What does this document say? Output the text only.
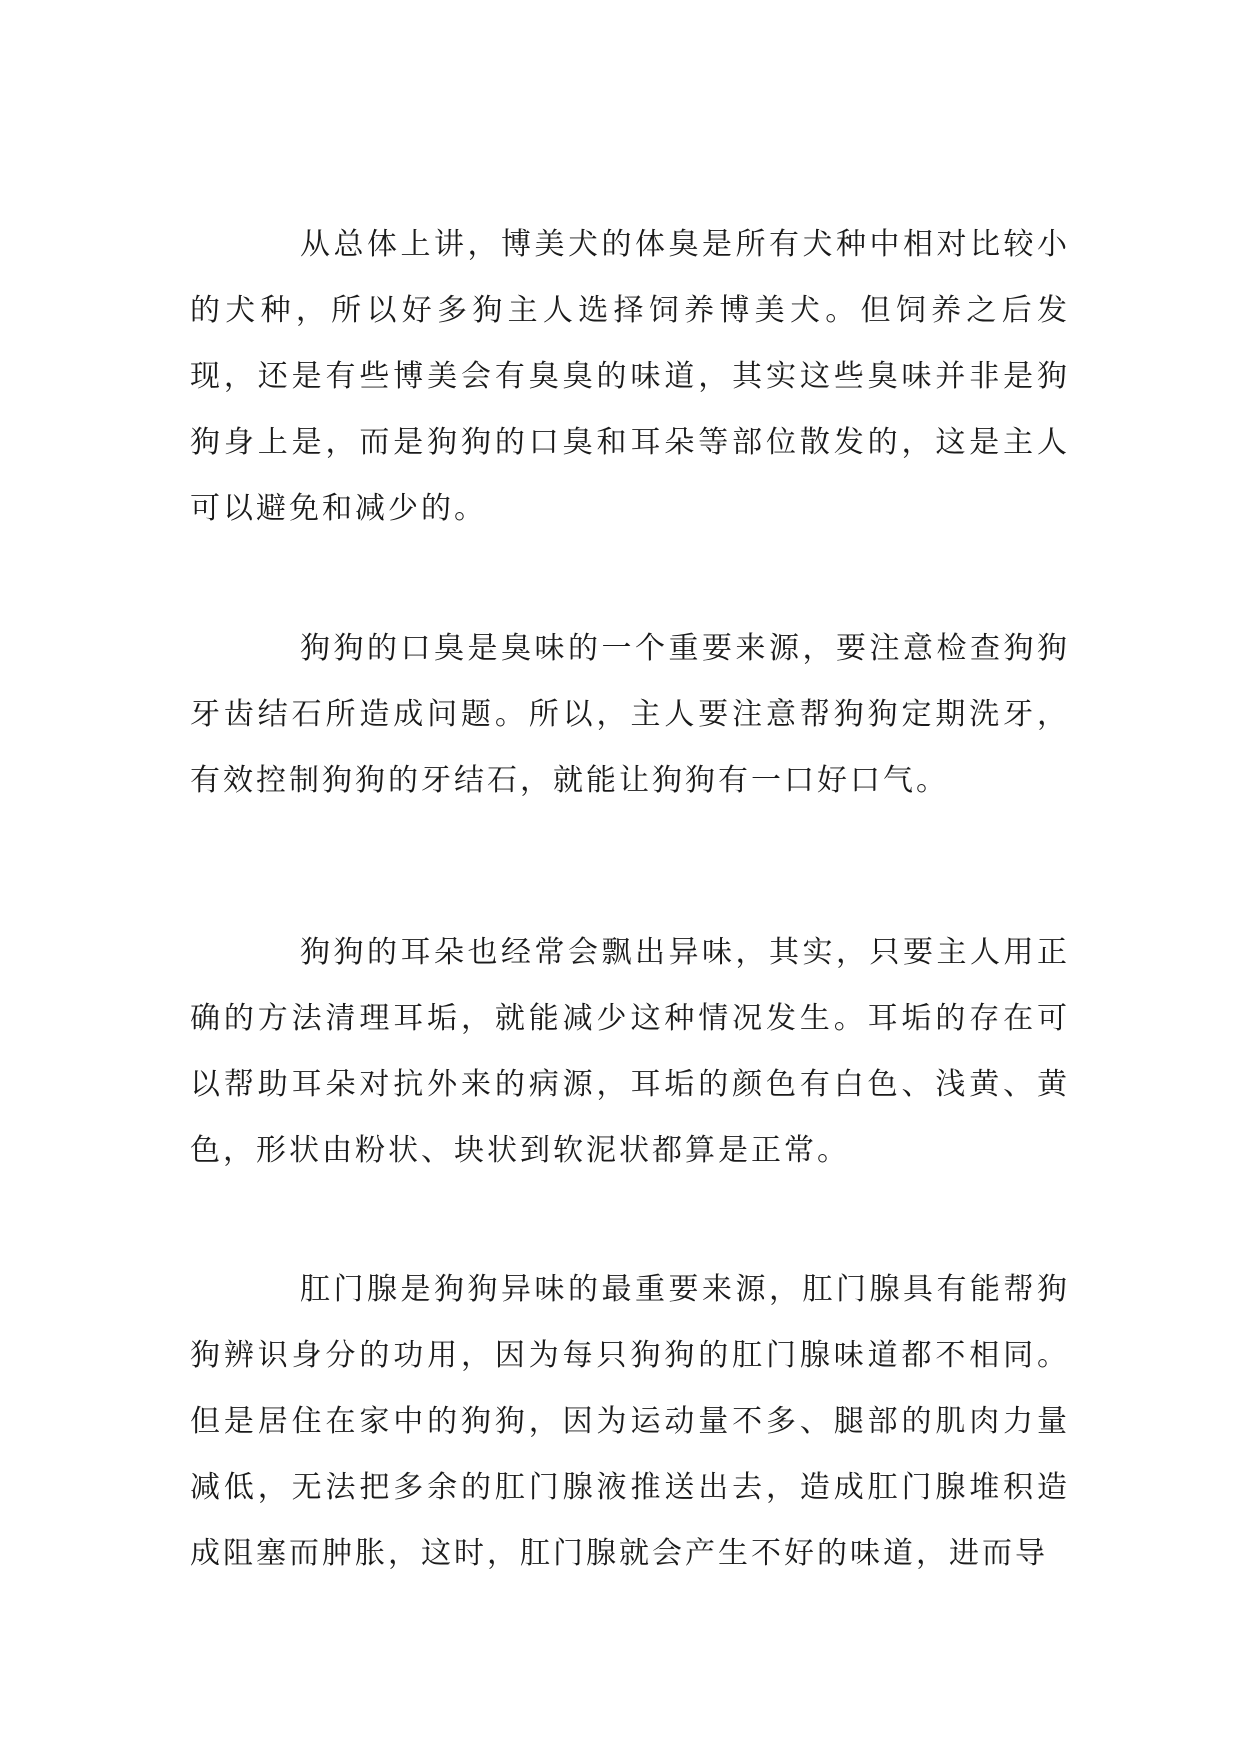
从总体上讲，博美犬的体臭是所有犬种中相对比较小的犬种，所以好多狗主人选择饲养博美犬。但饲养之后发现，还是有些博美会有臭臭的味道，其实这些臭味并非是狗狗身上是，而是狗狗的口臭和耳朵等部位散发的，这是主人可以避免和减少的。

狗狗的口臭是臭味的一个重要来源，要注意检查狗狗牙齿结石所造成问题。所以，主人要注意帮狗狗定期洗牙，有效控制狗狗的牙结石，就能让狗狗有一口好口气。

狗狗的耳朵也经常会飘出异味，其实，只要主人用正确的方法清理耳垢，就能减少这种情况发生。耳垢的存在可以帮助耳朵对抗外来的病源，耳垢的颜色有白色、浅黄、黄色，形状由粉状、块状到软泥状都算是正常。

肛门腺是狗狗异味的最重要来源，肛门腺具有能帮狗狗辨识身分的功用，因为每只狗狗的肛门腺味道都不相同。但是居住在家中的狗狗，因为运动量不多、腿部的肌肉力量减低，无法把多余的肛门腺液推送出去，造成肛门腺堆积造成阻塞而肿胀，这时，肛门腺就会产生不好的味道，进而导
